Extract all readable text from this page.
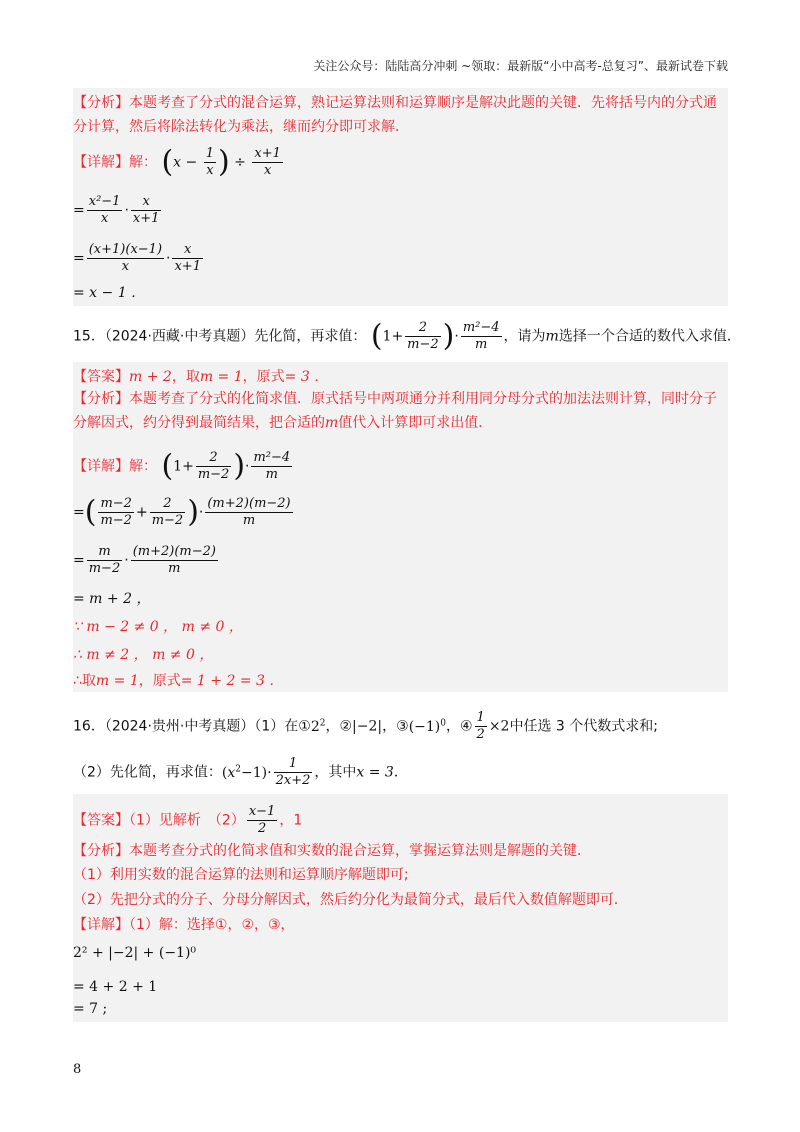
关注公众号：陆陆高分冲刺 ~领取：最新版“小中高考-总复习”、最新试卷下载
【分析】本题考查了分式的混合运算，熟记运算法则和运算顺序是解决此题的关键．先将括号内的分式通
分计算，然后将除法转化为乘法，继而约分即可求解．
【详解】解： ($x - \frac{1}{x}$ ) ÷ $\frac{x+1}{x}$
= $\frac{\text{x²−1}}{x} \cdot \frac{x}{x+1}$
= $\frac{(x+1)(x-1)}{x} \cdot \frac{x}{x+1}$
= x − 1 ．
15．（2024·西藏·中考真题）先化简，再求值： ($1+ \frac{2}{m-2}$ )· $\frac{\text{m²−4}}{m}$ ，请为m选择一个合适的数代入求值．
【答案】m + 2，取m = 1，原式= 3 ．
【分析】本题考查了分式的化简求值．原式括号中两项通分并利用同分母分式的加法法则计算，同时分子
分解因式，约分得到最简结果，把合适的m值代入计算即可求出值．
【详解】解： ($1+ \frac{2}{m-2}$ )· $\frac{\text{m²−4}}{m}$
=( $\frac{m-2}{m-2} + \frac{2}{m-2}$ )· $\frac{(m+2)(m-2)}{m}$
= $\frac{m}{m-2} \cdot \frac{(m+2)(m-2)}{m}$
= m + 2 ，
∵ m − 2 ≠ 0 ， m ≠ 0 ，
∴ m ≠ 2 ， m ≠ 0 ，
∴取m = 1，原式= 1 + 2 = 3 ．
16．（2024·贵州·中考真题）（1）在$①2^2$，②|−2|，$③(-1)^0$，④ $\frac{1}{2} \times 2$中任选 3 个代数式求和;
（2）先化简，再求值：$(x^2-1)\cdot \frac{1}{2x+2}$ ，其中x = 3．
【答案】（1）见解析　$(2) \frac{x-1}{2}$ ，1
【分析】本题考查分式的化简求值和实数的混合运算，掌握运算法则是解题的关键．
（1）利用实数的混合运算的法则和运算顺序解题即可;
（2）先把分式的分子、分母分解因式，然后约分化为最简分式，最后代入数值解题即可．
【详解】（1）解：选择①，②，③，
2² + |−2| + (−1)⁰
= 4 + 2 + 1
= 7 ;
8
